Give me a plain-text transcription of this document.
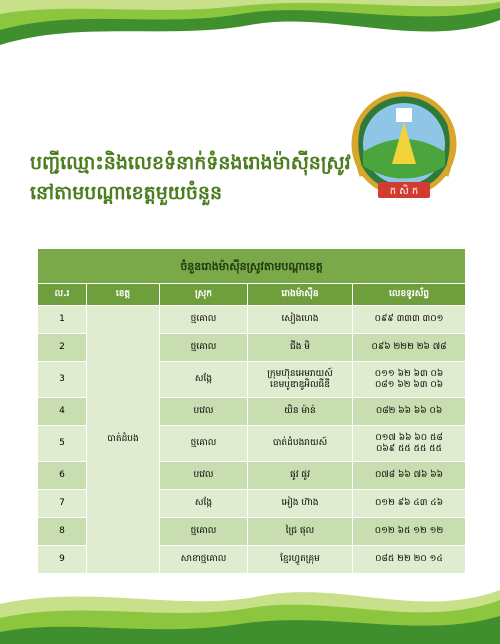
ក សិ ក
បញ្ជីឈ្មោះនិងលេខទំនាក់ទំនងរោងម៉ាស៊ីនស្រូវ
នៅតាមបណ្តាខេត្តមួយចំនួន
ចំនួនរោងម៉ាស៊ីនស្រូវតាមបណ្តាខេត្ត				
ល.រ	ខេត្ត	ស្រុក	រោងម៉ាស៊ីន	លេខទូរស័ព្ទ
1	បាត់ដំបង	ថ្មគោល	សៀងហេង	០៩៩ ៣៣៣ ៣០១
2		ថ្មគោល	ជីង មិ	០៩៦ ២២២ ២៦ ៧៨
3		សង្កែ	ក្រុមហ៊ុនអេមរាយស៍
ខេមបូឌាឌូអិលធីឌី	០១១ ៦២ ៦៣ ០៦
០៨១ ៦២ ៦៣ ០៦

4		បវេល	យិន ម៉ាន់	០៨២ ៦៦ ៦៦ ០៦
5		ថ្មគោល	បាត់ដំបងរាយស៍	០១៧ ៦៦ ៦០ ៥៨
០៦៩ ៥៥ ៥៥ ៥៥

6		បវេល	ផូវ ផូវ	០៧៨ ៦៦ ៧៦ ៦៦
7		សង្កែ	អៀង ហ៊ាង	០១២ ៩៦ ៤៣ ៤៦
8		ថ្មគោល	ជ្រៃ ផុល	០១២ ៦៥ ១២ ១២
9		សាខាថ្មគោល	ខ្មែរហ្វូតគ្រុម	០៨៥ ២២ ២០ ១៤
